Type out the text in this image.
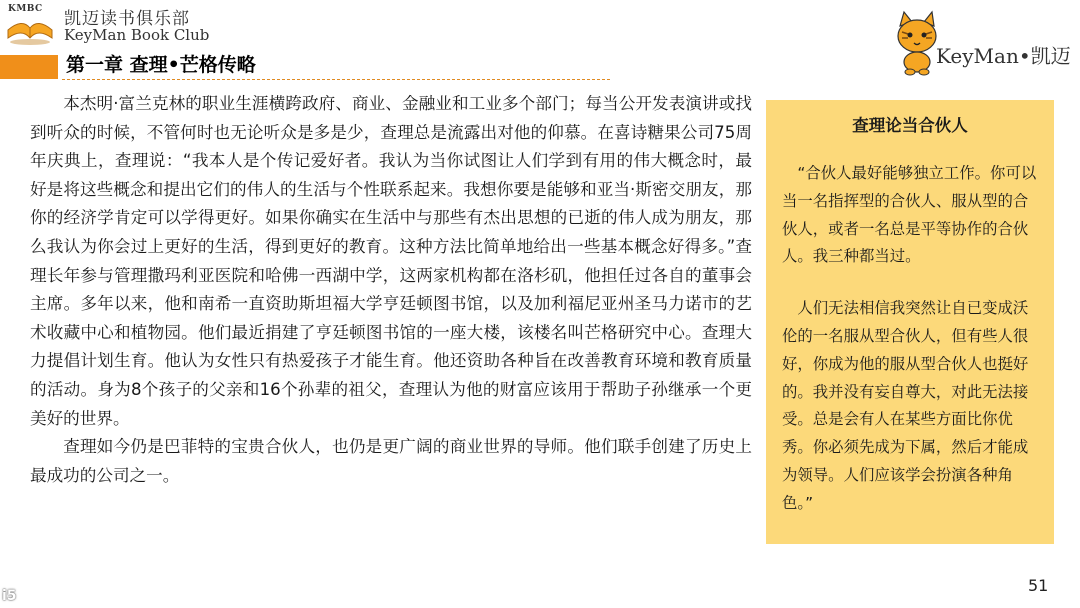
KMBC 凯迈读书俱乐部
KeyMan Book Club
第一章 查理•芒格传略	KeyMan•凯迈

本杰明·富兰克林的职业生涯横跨政府、商业、金融业和工业多个部门；每当公开发表演讲或找到听众的时候，不管何时也无论听众是多是少，查理总是流露出对他的仰慕。在喜诗糖果公司75周年庆典上，查理说：“我本人是个传记爱好者。我认为当你试图让人们学到有用的伟大概念时，最好是将这些概念和提出它们的伟人的生活与个性联系起来。我想你要是能够和亚当·斯密交朋友，那你的经济学肯定可以学得更好。如果你确实在生活中与那些有杰出思想的已逝的伟人成为朋友，那么我认为你会过上更好的生活，得到更好的教育。这种方法比简单地给出一些基本概念好得多。”查理长年参与管理撒玛利亚医院和哈佛一西湖中学，这两家机构都在洛杉矶，他担任过各自的董事会主席。多年以来，他和南希一直资助斯坦福大学亨廷顿图书馆，以及加利福尼亚州圣马力诺市的艺术收藏中心和植物园。他们最近捐建了亨廷顿图书馆的一座大楼，该楼名叫芒格研究中心。查理大力提倡计划生育。他认为女性只有热爱孩子才能生育。他还资助各种旨在改善教育环境和教育质量的活动。身为8个孩子的父亲和16个孙辈的祖父，查理认为他的财富应该用于帮助子孙继承一个更美好的世界。

查理如今仍是巴菲特的宝贵合伙人，也仍是更广阔的商业世界的导师。他们联手创建了历史上最成功的公司之一。

查理论当合伙人

“合伙人最好能够独立工作。你可以当一名指挥型的合伙人、服从型的合伙人，或者一名总是平等协作的合伙人。我三种都当过。

人们无法相信我突然让自已变成沃伦的一名服从型合伙人，但有些人很好，你成为他的服从型合伙人也挺好的。我并没有妄自尊大，对此无法接受。总是会有人在某些方面比你优秀。你必须先成为下属，然后才能成为领导。人们应该学会扮演各种角色。”

51
i5
